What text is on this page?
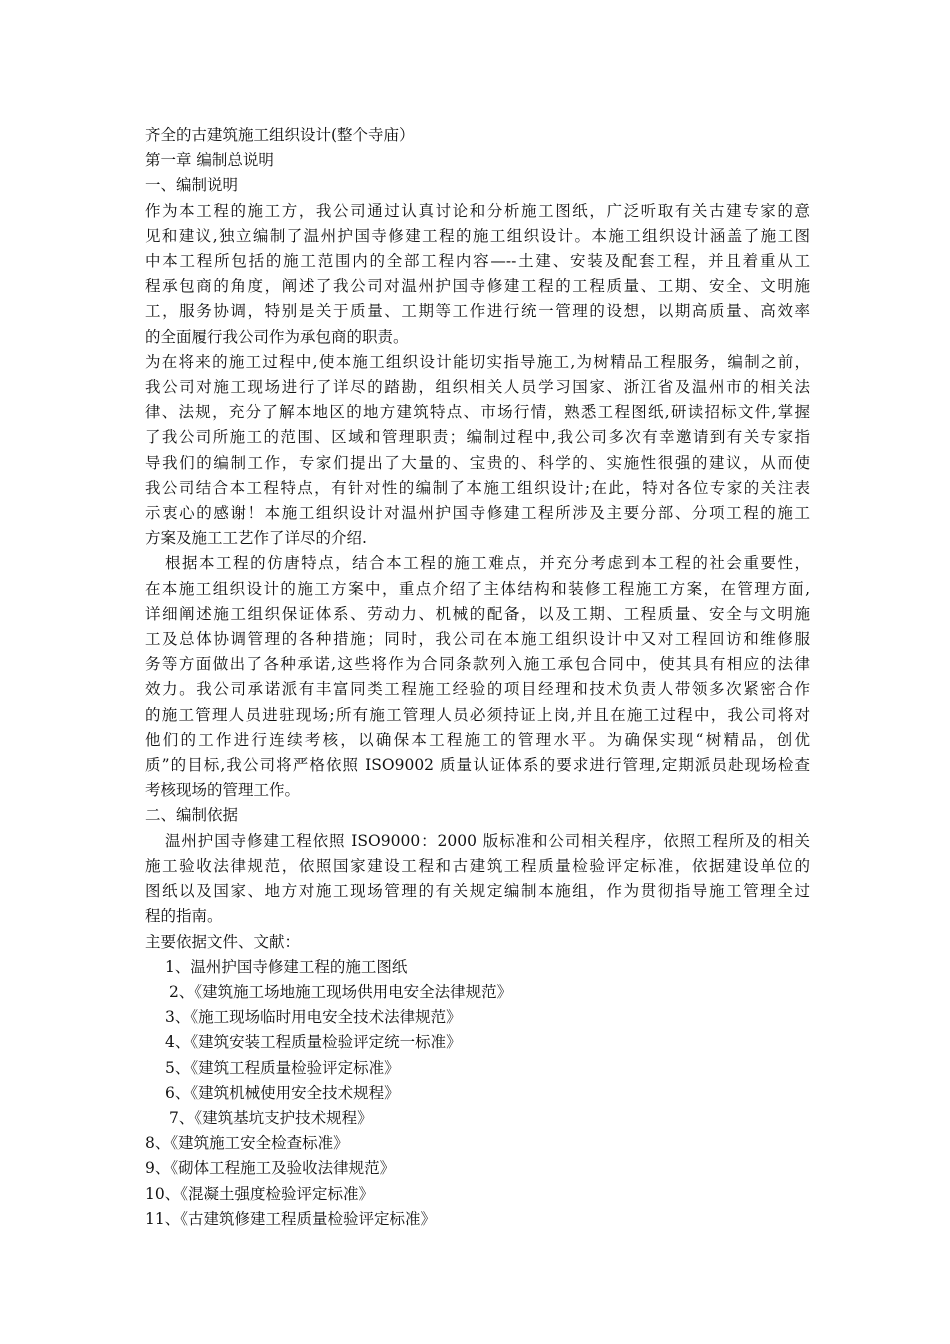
齐全的古建筑施工组织设计(整个寺庙）
第一章 编制总说明
一、编制说明
作为本工程的施工方，我公司通过认真讨论和分析施工图纸，广泛听取有关古建专家的意
见和建议,独立编制了温州护国寺修建工程的施工组织设计。本施工组织设计涵盖了施工图
中本工程所包括的施工范围内的全部工程内容—--土建、安装及配套工程，并且着重从工
程承包商的角度，阐述了我公司对温州护国寺修建工程的工程质量、工期、安全、文明施
工，服务协调，特别是关于质量、工期等工作进行统一管理的设想，以期高质量、高效率
的全面履行我公司作为承包商的职责。
为在将来的施工过程中,使本施工组织设计能切实指导施工,为树精品工程服务，编制之前，
我公司对施工现场进行了详尽的踏勘，组织相关人员学习国家、浙江省及温州市的相关法
律、法规，充分了解本地区的地方建筑特点、市场行情，熟悉工程图纸,研读招标文件,掌握
了我公司所施工的范围、区域和管理职责；编制过程中,我公司多次有幸邀请到有关专家指
导我们的编制工作，专家们提出了大量的、宝贵的、科学的、实施性很强的建议，从而使
我公司结合本工程特点，有针对性的编制了本施工组织设计;在此，特对各位专家的关注表
示衷心的感谢！本施工组织设计对温州护国寺修建工程所涉及主要分部、分项工程的施工
方案及施工工艺作了详尽的介绍.
根据本工程的仿唐特点，结合本工程的施工难点，并充分考虑到本工程的社会重要性，
在本施工组织设计的施工方案中，重点介绍了主体结构和装修工程施工方案，在管理方面,
详细阐述施工组织保证体系、劳动力、机械的配备，以及工期、工程质量、安全与文明施
工及总体协调管理的各种措施；同时，我公司在本施工组织设计中又对工程回访和维修服
务等方面做出了各种承诺,这些将作为合同条款列入施工承包合同中，使其具有相应的法律
效力。我公司承诺派有丰富同类工程施工经验的项目经理和技术负责人带领多次紧密合作
的施工管理人员进驻现场;所有施工管理人员必须持证上岗,并且在施工过程中，我公司将对
他们的工作进行连续考核，以确保本工程施工的管理水平。为确保实现“树精品，创优
质”的目标,我公司将严格依照 ISO9002 质量认证体系的要求进行管理,定期派员赴现场检查
考核现场的管理工作。
二、编制依据
温州护国寺修建工程依照 ISO9000：2000 版标准和公司相关程序，依照工程所及的相关
施工验收法律规范，依照国家建设工程和古建筑工程质量检验评定标准，依据建设单位的
图纸以及国家、地方对施工现场管理的有关规定编制本施组，作为贯彻指导施工管理全过
程的指南。
主要依据文件、文献：
1、温州护国寺修建工程的施工图纸
2、《建筑施工场地施工现场供用电安全法律规范》
3、《施工现场临时用电安全技术法律规范》
4、《建筑安装工程质量检验评定统一标准》
5、《建筑工程质量检验评定标准》
6、《建筑机械使用安全技术规程》
7、《建筑基坑支护技术规程》
8、《建筑施工安全检查标准》
9、《砌体工程施工及验收法律规范》
10、《混凝土强度检验评定标准》
11、《古建筑修建工程质量检验评定标准》
